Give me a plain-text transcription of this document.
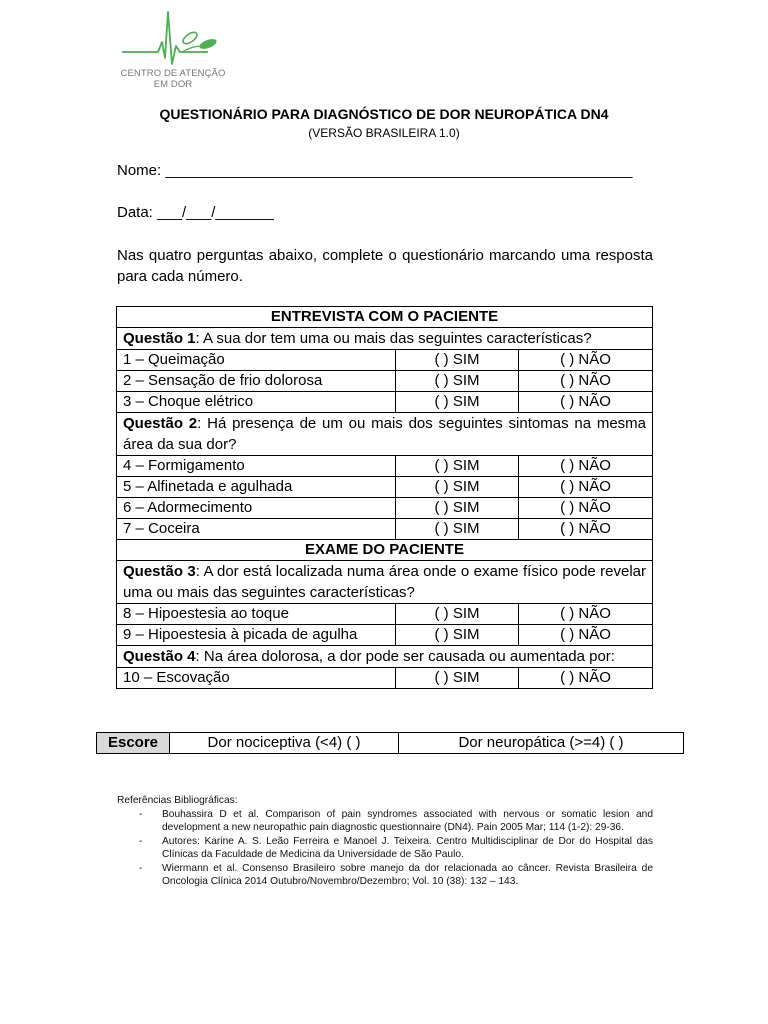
CENTRO DE ATENÇÃO
EM DOR
QUESTIONÁRIO PARA DIAGNÓSTICO DE DOR NEUROPÁTICA DN4
(VERSÃO BRASILEIRA 1.0)
Nome: ________________________________________________________
Data: ___/___/_______
Nas quatro perguntas abaixo, complete o questionário marcando uma resposta para cada número.
ENTREVISTA COM O PACIENTE		
Questão 1: A sua dor tem uma ou mais das seguintes características?		
1 – Queimação	( ) SIM	( ) NÃO
2 – Sensação de frio dolorosa	( ) SIM	( ) NÃO
3 – Choque elétrico	( ) SIM	( ) NÃO
Questão 2: Há presença de um ou mais dos seguintes sintomas na mesma área da sua dor?		
4 – Formigamento	( ) SIM	( ) NÃO
5 – Alfinetada e agulhada	( ) SIM	( ) NÃO
6 – Adormecimento	( ) SIM	( ) NÃO
7 – Coceira	( ) SIM	( ) NÃO
EXAME DO PACIENTE		
Questão 3: A dor está localizada numa área onde o exame físico pode revelar uma ou mais das seguintes características?		
8 – Hipoestesia ao toque	( ) SIM	( ) NÃO
9 – Hipoestesia à picada de agulha	( ) SIM	( ) NÃO
Questão 4: Na área dolorosa, a dor pode ser causada ou aumentada por:		
10 – Escovação	( ) SIM	( ) NÃO
Escore	Dor nociceptiva (<4) ( )	Dor neuropática (>=4) ( )
Referências Bibliográficas:
- Bouhassira D et al. Comparison of pain syndromes associated with nervous or somatic lesion and development a new neuropathic pain diagnostic questionnaire (DN4). Pain 2005 Mar; 114 (1-2): 29-36.
- Autores: Karine A. S. Leão Ferreira e Manoel J. Teixeira. Centro Multidisciplinar de Dor do Hospital das Clínicas da Faculdade de Medicina da Universidade de São Paulo.
- Wiermann et al. Consenso Brasileiro sobre manejo da dor relacionada ao câncer. Revista Brasileira de Oncologia Clínica 2014 Outubro/Novembro/Dezembro; Vol. 10 (38): 132 – 143.
